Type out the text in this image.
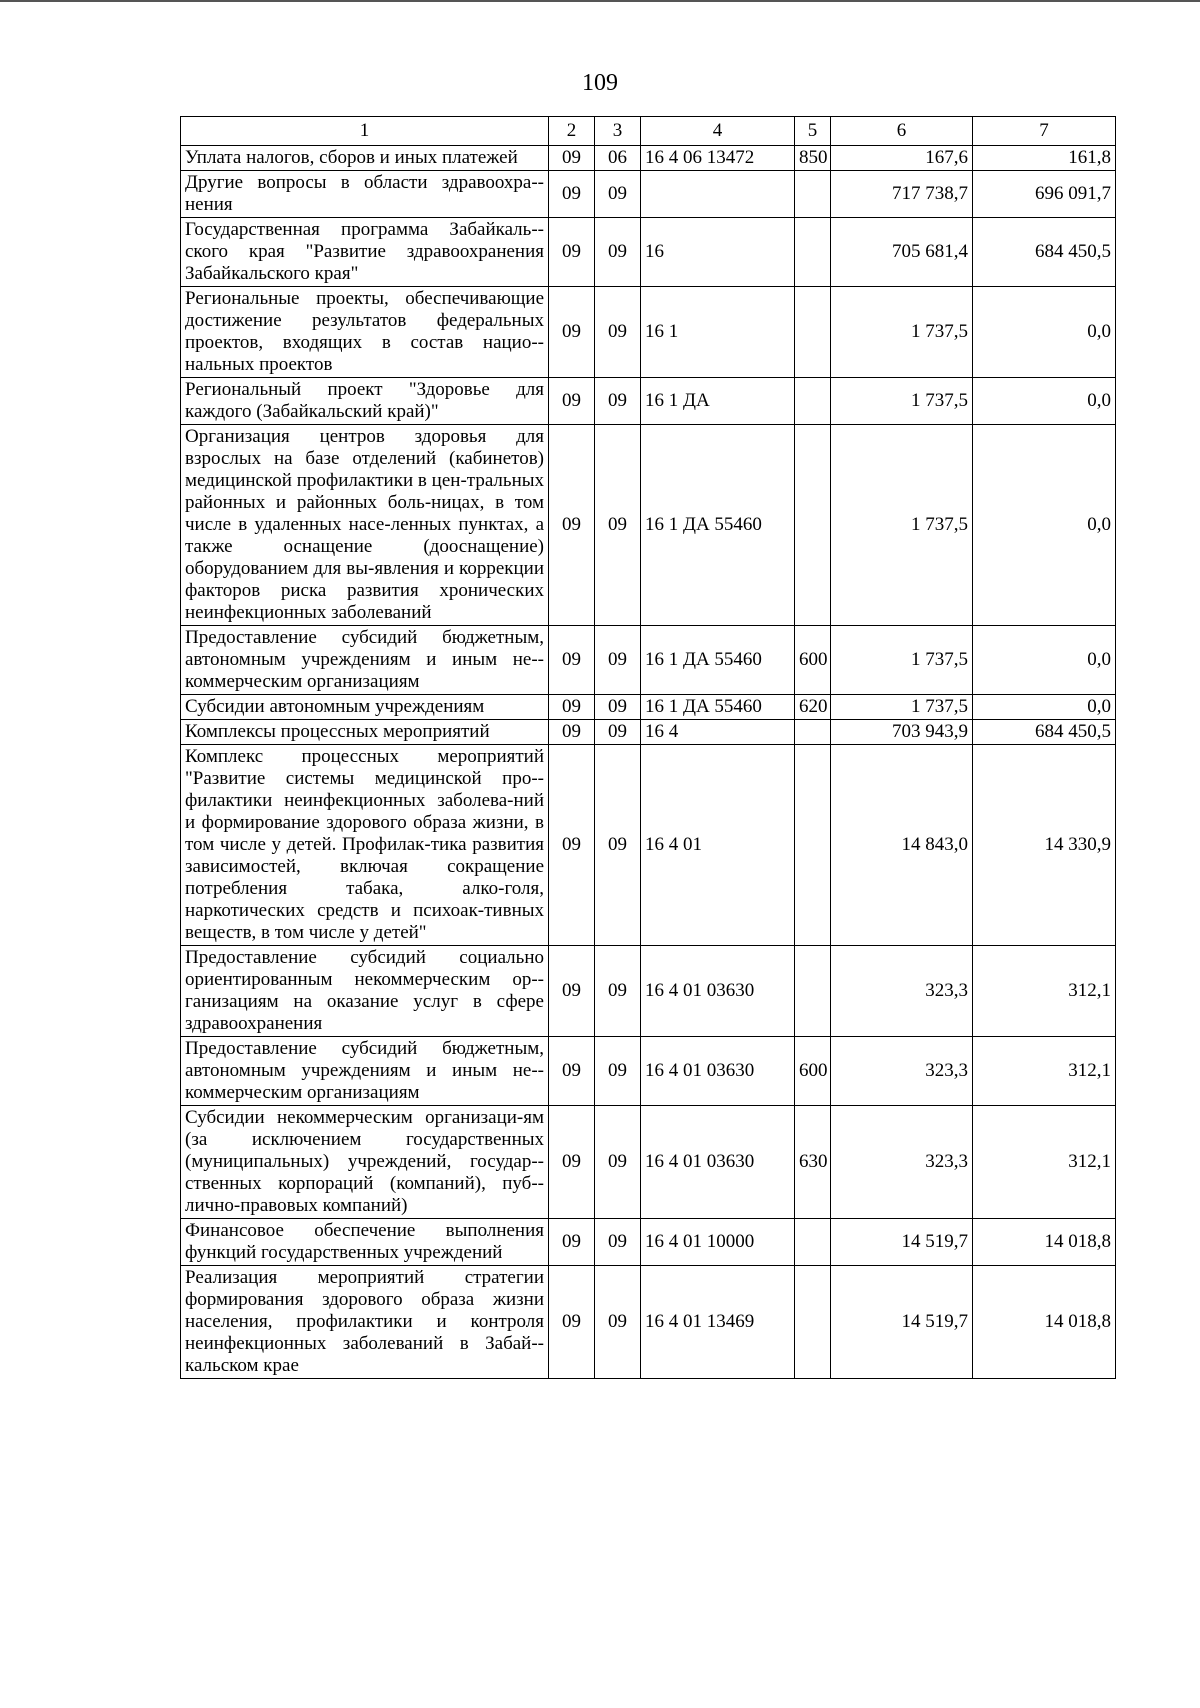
109
1	2	3	4	5	6	7
Уплата налогов, сборов и иных платежей	09	06	16 4 06 13472	850	167,6	161,8
Другие вопросы в области здравоохра-нения	09	09			717 738,7	696 091,7
Государственная программа Забайкаль-ского края "Развитие здравоохранения Забайкальского края"	09	09	16		705 681,4	684 450,5
Региональные проекты, обеспечивающие достижение результатов федеральных проектов, входящих в состав нацио-нальных проектов	09	09	16 1		1 737,5	0,0
Региональный проект "Здоровье для каждого (Забайкальский край)"	09	09	16 1 ДА		1 737,5	0,0
Организация центров здоровья для взрослых на базе отделений (кабинетов) медицинской профилактики в цен-тральных районных и районных боль-ницах, в том числе в удаленных насе-ленных пунктах, а также оснащение (дооснащение) оборудованием для вы-явления и коррекции факторов риска развития хронических неинфекционных заболеваний	09	09	16 1 ДА 55460		1 737,5	0,0
Предоставление субсидий бюджетным, автономным учреждениям и иным не-коммерческим организациям	09	09	16 1 ДА 55460	600	1 737,5	0,0
Субсидии автономным учреждениям	09	09	16 1 ДА 55460	620	1 737,5	0,0
Комплексы процессных мероприятий	09	09	16 4		703 943,9	684 450,5
Комплекс процессных мероприятий "Развитие системы медицинской про-филактики неинфекционных заболева-ний и формирование здорового образа жизни, в том числе у детей. Профилак-тика развития зависимостей, включая сокращение потребления табака, алко-голя, наркотических средств и психоак-тивных веществ, в том числе у детей"	09	09	16 4 01		14 843,0	14 330,9
Предоставление субсидий социально ориентированным некоммерческим ор-ганизациям на оказание услуг в сфере здравоохранения	09	09	16 4 01 03630		323,3	312,1
Предоставление субсидий бюджетным, автономным учреждениям и иным не-коммерческим организациям	09	09	16 4 01 03630	600	323,3	312,1
Субсидии некоммерческим организаци-ям (за исключением государственных (муниципальных) учреждений, государ-ственных корпораций (компаний), пуб-лично-правовых компаний)	09	09	16 4 01 03630	630	323,3	312,1
Финансовое обеспечение выполнения функций государственных учреждений	09	09	16 4 01 10000		14 519,7	14 018,8
Реализация мероприятий стратегии формирования здорового образа жизни населения, профилактики и контроля неинфекционных заболеваний в Забай-кальском крае	09	09	16 4 01 13469		14 519,7	14 018,8
